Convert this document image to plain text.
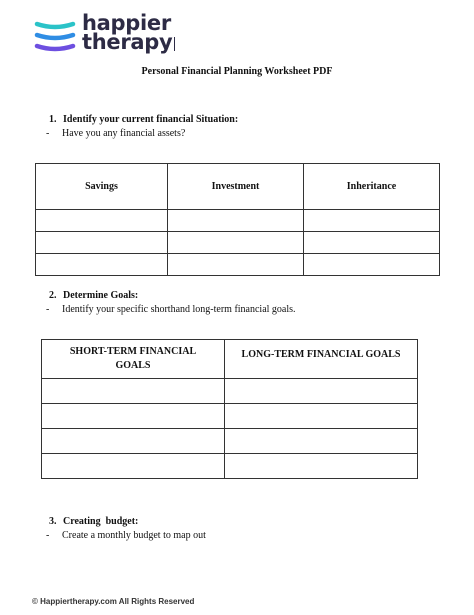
happier
therapy
Personal Financial Planning Worksheet PDF
1. Identify your current financial Situation:
- Have you any financial assets?
Savings	Investment	Inheritance

2. Determine Goals:
- Identify your specific shorthand long-term financial goals.
SHORT-TERM FINANCIAL GOALS	LONG-TERM FINANCIAL GOALS

3. Creating  budget:
- Create a monthly budget to map out
© Happiertherapy.com All Rights Reserved
